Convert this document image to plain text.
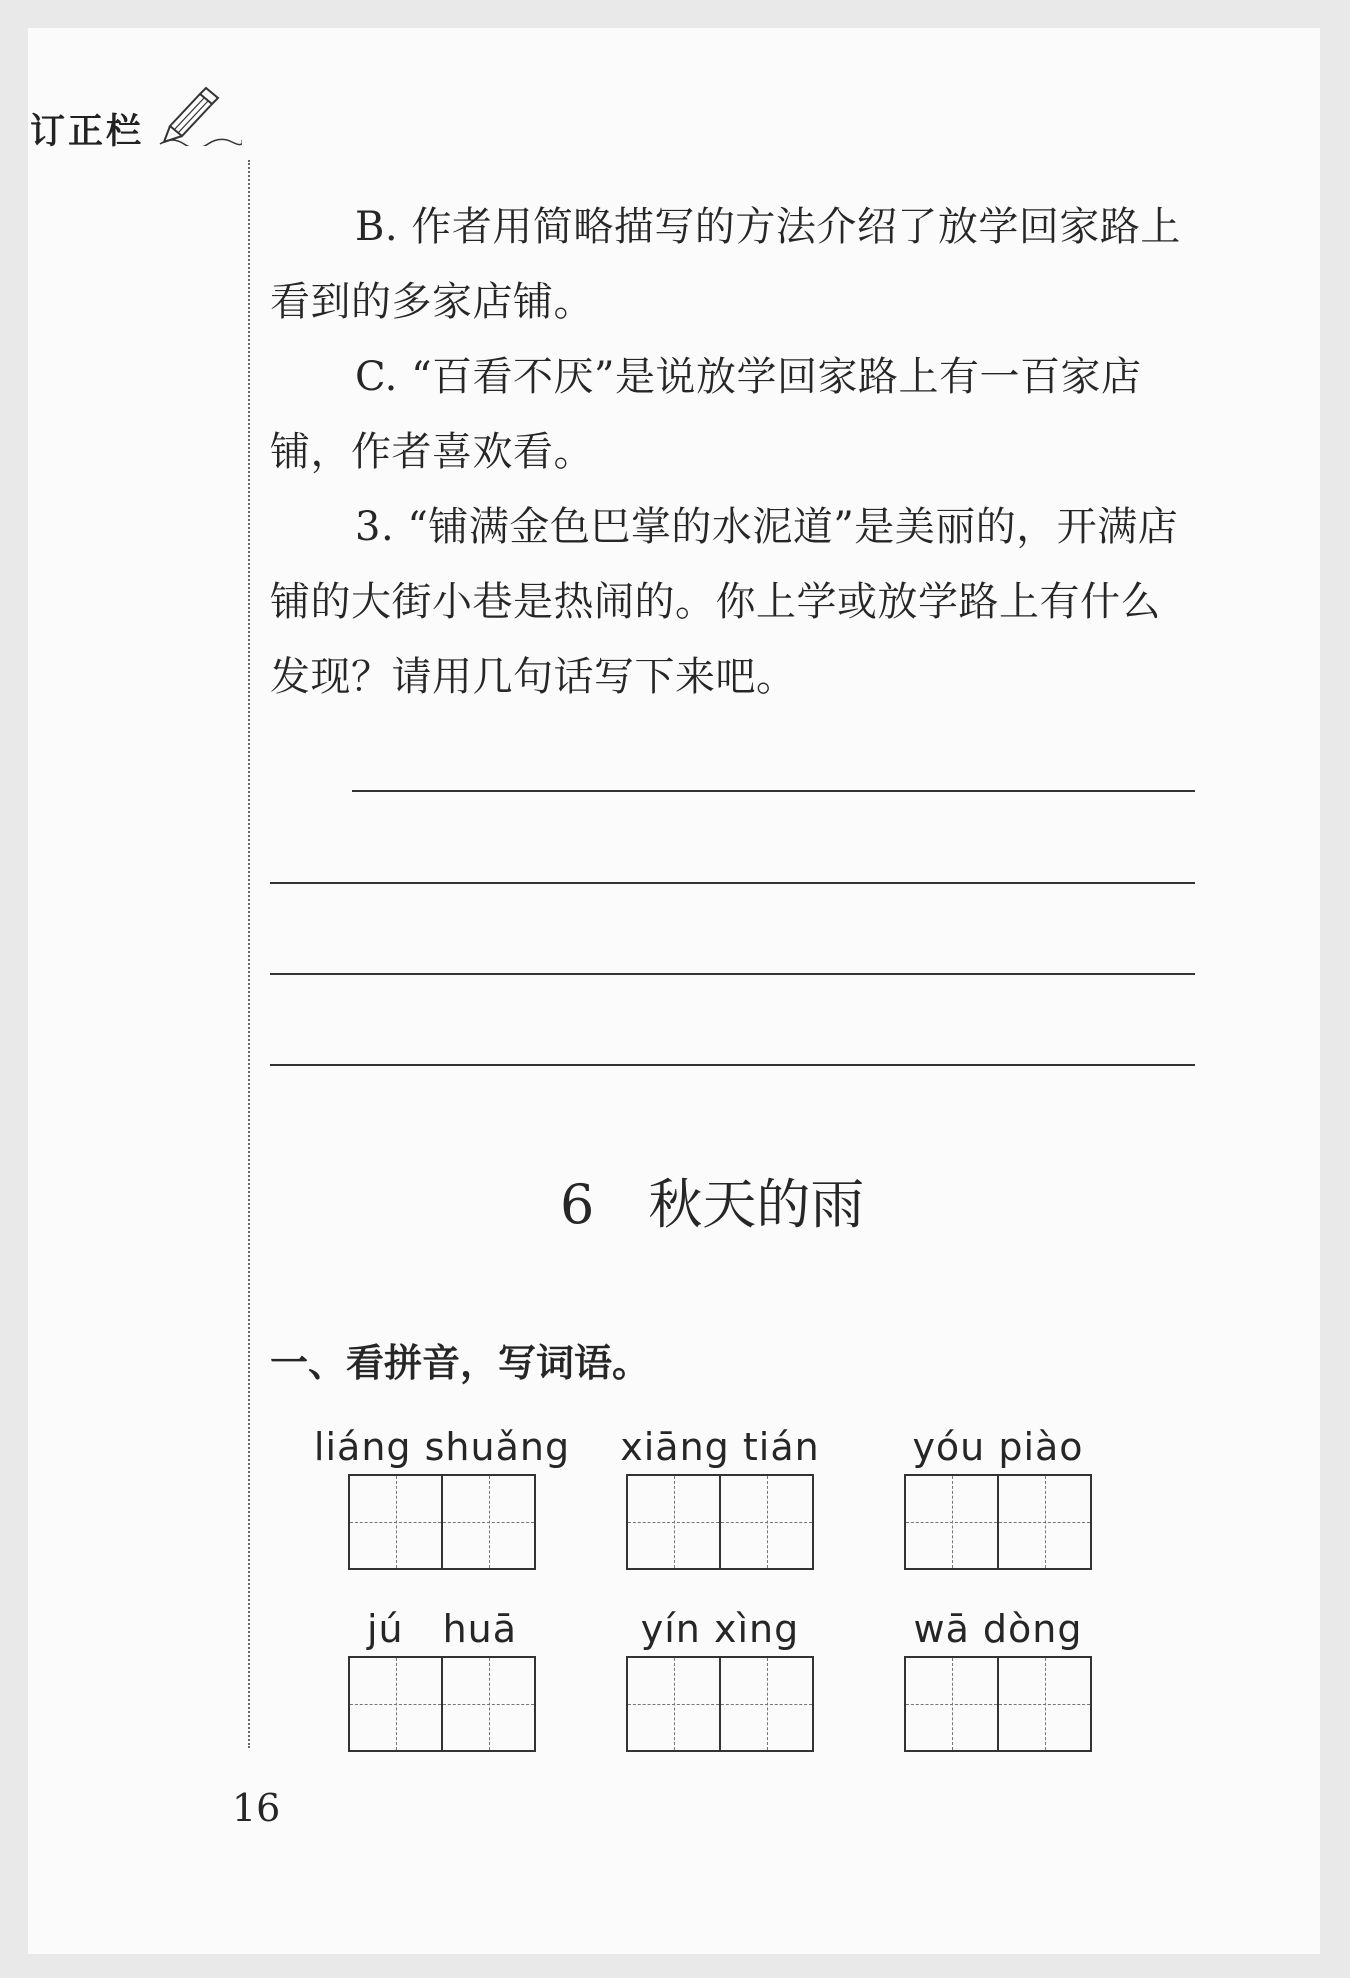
订正栏

B. 作者用简略描写的方法介绍了放学回家路上看到的多家店铺。

C. “百看不厌”是说放学回家路上有一百家店铺，作者喜欢看。

3. “铺满金色巴掌的水泥道”是美丽的，开满店铺的大街小巷是热闹的。你上学或放学路上有什么发现？请用几句话写下来吧。

6 秋天的雨
一、看拼音，写词语。
liáng shuǎng	xiāng tián	yóu piào
jú　huā	yín xìng	wā dòng
16
